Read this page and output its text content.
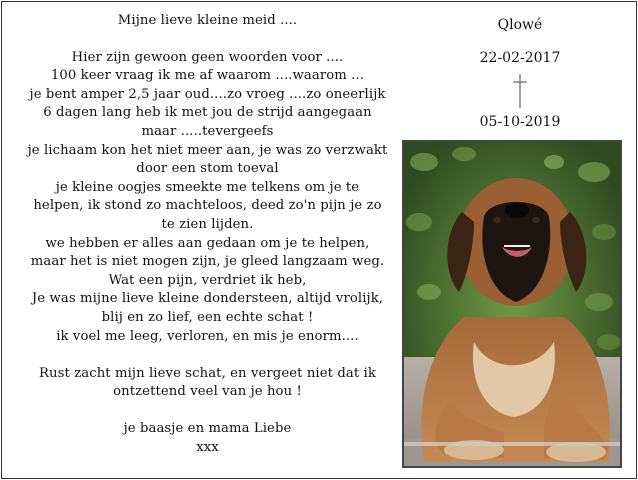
Mijne lieve kleine meid ....
Hier zijn gewoon geen woorden voor ....
100 keer vraag ik me af waarom ....waarom ...
je bent amper 2,5 jaar oud....zo vroeg ....zo oneerlijk
6 dagen lang heb ik met jou de strijd aangegaan
maar .....tevergeefs
je lichaam kon het niet meer aan, je was zo verzwakt
door een stom toeval
je kleine oogjes smeekte me telkens om je te
helpen, ik stond zo machteloos, deed zo'n pijn je zo
te zien lijden.
we hebben er alles aan gedaan om je te helpen,
maar het is niet mogen zijn, je gleed langzaam weg.
Wat een pijn, verdriet ik heb,
Je was mijne lieve kleine dondersteen, altijd vrolijk,
blij en zo lief, een echte schat !
ik voel me leeg, verloren, en mis je enorm....
Rust zacht mijn lieve schat, en vergeet niet dat ik
ontzettend veel van je hou !
je baasje en mama Liebe
xxx
Qlowé
22-02-2017
05-10-2019
